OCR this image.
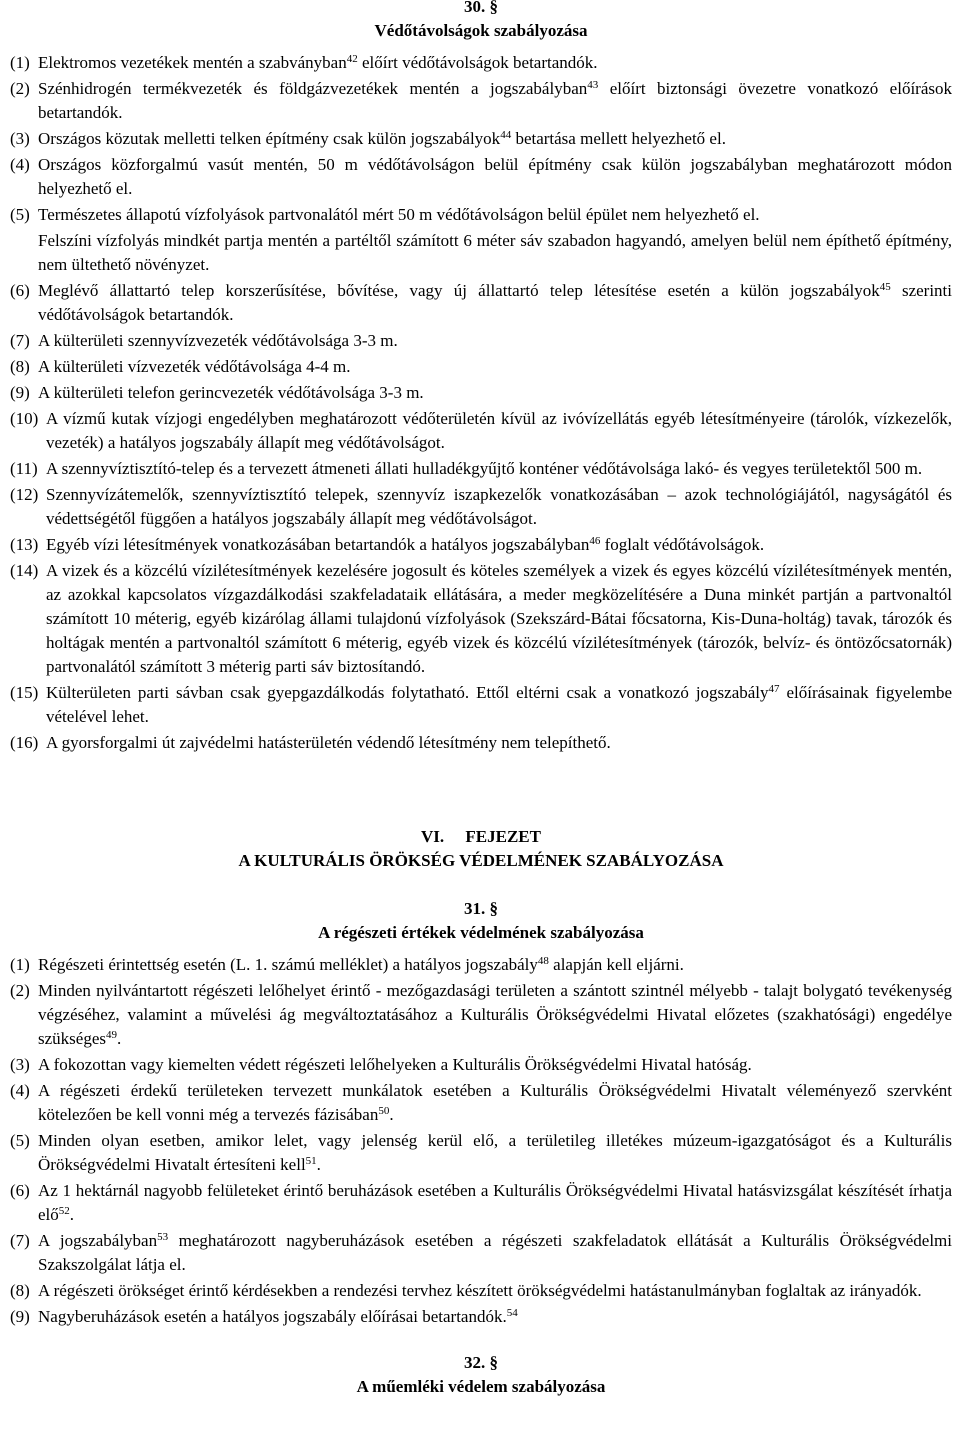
30. §
Védőtávolságok szabályozása
(1) Elektromos vezetékek mentén a szabványban$^{42}$ előírt védőtávolságok betartandók.
(2) Szénhidrogén termékvezeték és földgázvezetékek mentén a jogszabályban$^{43}$ előírt biztonsági övezetre vonatkozó előírások betartandók.
(3) Országos közutak melletti telken építmény csak külön jogszabályok$^{44}$ betartása mellett helyezhető el.
(4) Országos közforgalmú vasút mentén, 50 m védőtávolságon belül építmény csak külön jogszabályban meghatározott módon helyezhető el.
(5) Természetes állapotú vízfolyások partvonalától mért 50 m védőtávolságon belül épület nem helyezhető el.
Felszíni vízfolyás mindkét partja mentén a partéltől számított 6 méter sáv szabadon hagyandó, amelyen belül nem építhető építmény, nem ültethető növényzet.
(6) Meglévő állattartó telep korszerűsítése, bővítése, vagy új állattartó telep létesítése esetén a külön jogszabályok$^{45}$ szerinti védőtávolságok betartandók.
(7) A külterületi szennyvízvezeték védőtávolsága 3-3 m.
(8) A külterületi vízvezeték védőtávolsága 4-4 m.
(9) A külterületi telefon gerincvezeték védőtávolsága 3-3 m.
(10) A vízmű kutak vízjogi engedélyben meghatározott védőterületén kívül az ivóvízellátás egyéb létesítményeire (tárolók, vízkezelők, vezeték) a hatályos jogszabály állapít meg védőtávolságot.
(11) A szennyvíztisztító-telep és a tervezett átmeneti állati hulladékgyűjtő konténer védőtávolsága lakó- és vegyes területektől 500 m.
(12) Szennyvízátemelők, szennyvíztisztító telepek, szennyvíz iszapkezelők vonatkozásában – azok technológiájától, nagyságától és védettségétől függően a hatályos jogszabály állapít meg védőtávolságot.
(13) Egyéb vízi létesítmények vonatkozásában betartandók a hatályos jogszabályban$^{46}$ foglalt védőtávolságok.
(14) A vizek és a közcélú vízilétesítmények kezelésére jogosult és köteles személyek a vizek és egyes közcélú vízilétesítmények mentén, az azokkal kapcsolatos vízgazdálkodási szakfeladataik ellátására, a meder megközelítésére a Duna minkét partján a partvonaltól számított 10 méterig, egyéb kizárólag állami tulajdonú vízfolyások (Szekszárd-Bátai főcsatorna, Kis-Duna-holtág) tavak, tározók és holtágak mentén a partvonaltól számított 6 méterig, egyéb vizek és közcélú vízilétesítmények (tározók, belvíz- és öntözőcsatornák) partvonalától számított 3 méterig parti sáv biztosítandó.
(15) Külterületen parti sávban csak gyepgazdálkodás folytatható. Ettől eltérni csak a vonatkozó jogszabály$^{47}$ előírásainak figyelembe vételével lehet.
(16) A gyorsforgalmi út zajvédelmi hatásterületén védendő létesítmény nem telepíthető.
VI.     FEJEZET
A KULTURÁLIS ÖRÖKSÉG VÉDELMÉNEK SZABÁLYOZÁSA
31. §
A régészeti értékek védelmének szabályozása
(1) Régészeti érintettség esetén (L. 1. számú melléklet) a hatályos jogszabály$^{48}$ alapján kell eljárni.
(2) Minden nyilvántartott régészeti lelőhelyet érintő - mezőgazdasági területen a szántott szintnél mélyebb - talajt bolygató tevékenység végzéséhez, valamint a művelési ág megváltoztatásához a Kulturális Örökségvédelmi Hivatal előzetes (szakhatósági) engedélye szükséges$^{49}$.
(3) A fokozottan vagy kiemelten védett régészeti lelőhelyeken a Kulturális Örökségvédelmi Hivatal hatóság.
(4) A régészeti érdekű területeken tervezett munkálatok esetében a Kulturális Örökségvédelmi Hivatalt véleményező szervként kötelezően be kell vonni még a tervezés fázisában$^{50}$.
(5) Minden olyan esetben, amikor lelet, vagy jelenség kerül elő, a területileg illetékes múzeum-igazgatóságot és a Kulturális Örökségvédelmi Hivatalt értesíteni kell$^{51}$.
(6) Az 1 hektárnál nagyobb felületeket érintő beruházások esetében a Kulturális Örökségvédelmi Hivatal hatásvizsgálat készítését írhatja elő$^{52}$.
(7) A jogszabályban$^{53}$ meghatározott nagyberuházások esetében a régészeti szakfeladatok ellátását a Kulturális Örökségvédelmi Szakszolgálat látja el.
(8) A régészeti örökséget érintő kérdésekben a rendezési tervhez készített örökségvédelmi hatástanulmányban foglaltak az irányadók.
(9) Nagyberuházások esetén a hatályos jogszabály előírásai betartandók.$^{54}$
32. §
A műemléki védelem szabályozása
